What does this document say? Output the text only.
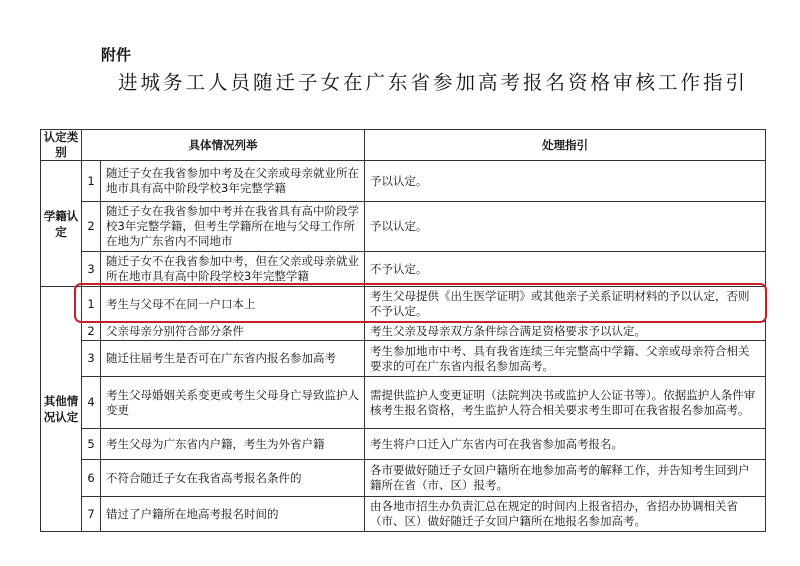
附件
进城务工人员随迁子女在广东省参加高考报名资格审核工作指引
认定类别	具体情况列举		处理指引
学籍认定	1	随迁子女在我省参加中考及在父亲或母亲就业所在地市具有高中阶段学校3年完整学籍	予以认定。
	2	随迁子女在我省参加中考并在我省具有高中阶段学校3年完整学籍，但考生学籍所在地与父母工作所在地为广东省内不同地市	予以认定。
	3	随迁子女不在我省参加中考，但在父亲或母亲就业所在地市具有高中阶段学校3年完整学籍	不予认定。
其他情况认定	1	考生与父母不在同一户口本上	考生父母提供《出生医学证明》或其他亲子关系证明材料的予以认定，否则不予认定。
	2	父亲母亲分别符合部分条件	考生父亲及母亲双方条件综合满足资格要求予以认定。
	3	随迁往届考生是否可在广东省内报名参加高考	考生参加地市中考、具有我省连续三年完整高中学籍、父亲或母亲符合相关要求的可在广东省内报名参加高考。
	4	考生父母婚姻关系变更或考生父母身亡导致监护人变更	需提供监护人变更证明（法院判决书或监护人公证书等）。依据监护人条件审核考生报名资格，考生监护人符合相关要求考生即可在我省报名参加高考。
	5	考生父母为广东省内户籍，考生为外省户籍	考生将户口迁入广东省内可在我省参加高考报名。
	6	不符合随迁子女在我省高考报名条件的	各市要做好随迁子女回户籍所在地参加高考的解释工作，并告知考生回到户籍所在省（市、区）报考。
	7	错过了户籍所在地高考报名时间的	由各地市招生办负责汇总在规定的时间内上报省招办，省招办协调相关省（市、区）做好随迁子女回户籍所在地报名参加高考。
